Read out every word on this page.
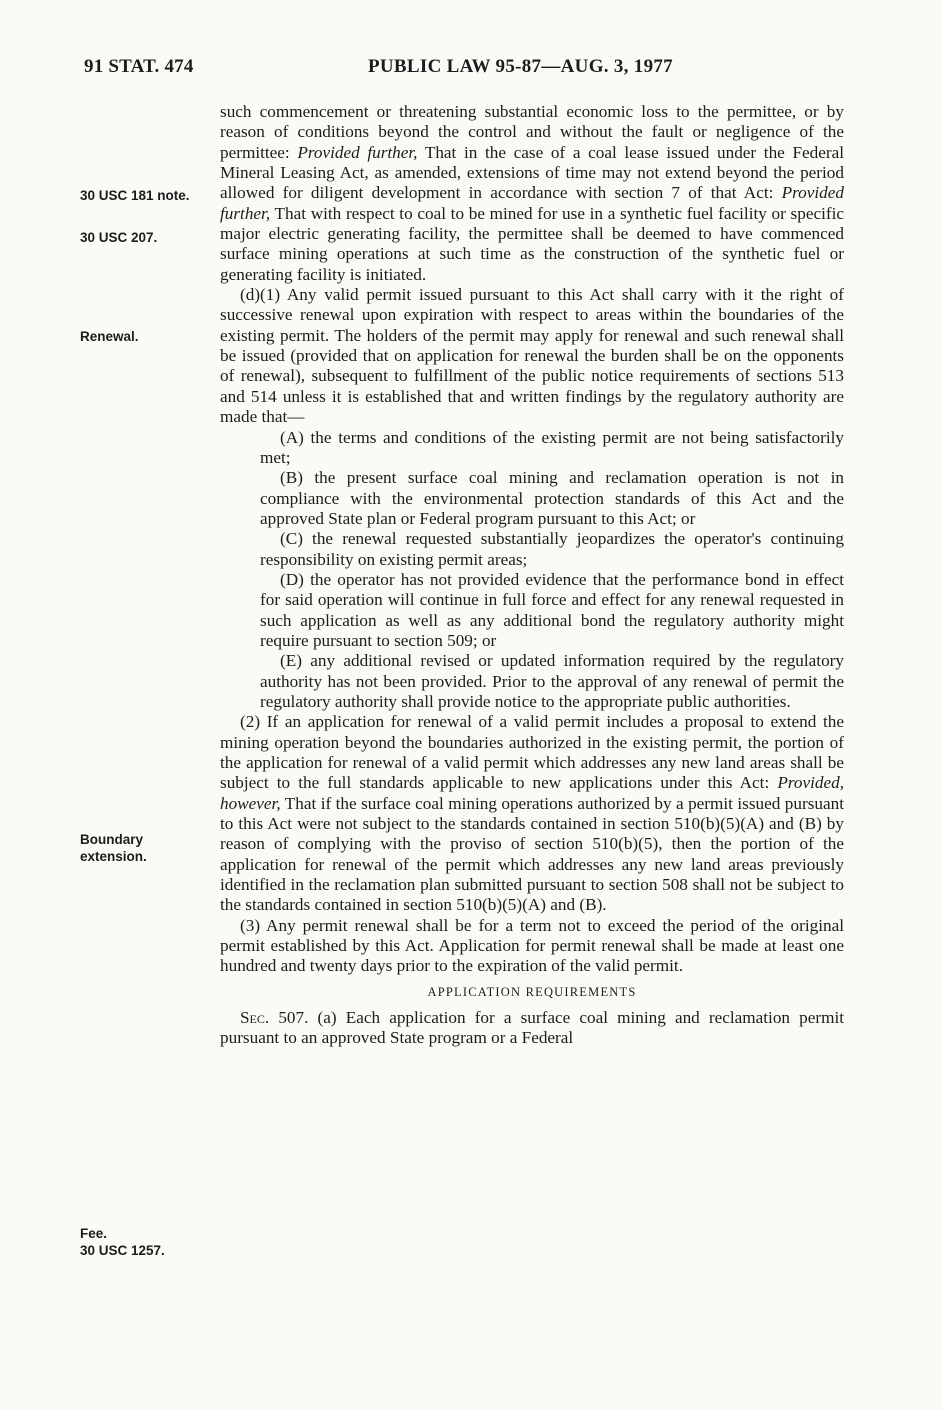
91 STAT. 474	PUBLIC LAW 95-87—AUG. 3, 1977
30 USC 181 note.
30 USC 207.
Renewal.
Boundary
extension.
Fee.
30 USC 1257.

such commencement or threatening substantial economic loss to the permittee, or by reason of conditions beyond the control and without the fault or negligence of the permittee: Provided further, That in the case of a coal lease issued under the Federal Mineral Leasing Act, as amended, extensions of time may not extend beyond the period allowed for diligent development in accordance with section 7 of that Act: Provided further, That with respect to coal to be mined for use in a synthetic fuel facility or specific major electric generating facility, the permittee shall be deemed to have commenced surface mining operations at such time as the construction of the synthetic fuel or generating facility is initiated.

(d)(1) Any valid permit issued pursuant to this Act shall carry with it the right of successive renewal upon expiration with respect to areas within the boundaries of the existing permit. The holders of the permit may apply for renewal and such renewal shall be issued (provided that on application for renewal the burden shall be on the opponents of renewal), subsequent to fulfillment of the public notice requirements of sections 513 and 514 unless it is established that and written findings by the regulatory authority are made that—

(A) the terms and conditions of the existing permit are not being satisfactorily met;

(B) the present surface coal mining and reclamation operation is not in compliance with the environmental protection standards of this Act and the approved State plan or Federal program pursuant to this Act; or

(C) the renewal requested substantially jeopardizes the operator's continuing responsibility on existing permit areas;

(D) the operator has not provided evidence that the performance bond in effect for said operation will continue in full force and effect for any renewal requested in such application as well as any additional bond the regulatory authority might require pursuant to section 509; or

(E) any additional revised or updated information required by the regulatory authority has not been provided. Prior to the approval of any renewal of permit the regulatory authority shall provide notice to the appropriate public authorities.

(2) If an application for renewal of a valid permit includes a proposal to extend the mining operation beyond the boundaries authorized in the existing permit, the portion of the application for renewal of a valid permit which addresses any new land areas shall be subject to the full standards applicable to new applications under this Act: Provided, however, That if the surface coal mining operations authorized by a permit issued pursuant to this Act were not subject to the standards contained in section 510(b)(5)(A) and (B) by reason of complying with the proviso of section 510(b)(5), then the portion of the application for renewal of the permit which addresses any new land areas previously identified in the reclamation plan submitted pursuant to section 508 shall not be subject to the standards contained in section 510(b)(5)(A) and (B).

(3) Any permit renewal shall be for a term not to exceed the period of the original permit established by this Act. Application for permit renewal shall be made at least one hundred and twenty days prior to the expiration of the valid permit.

APPLICATION REQUIREMENTS

Sec. 507. (a) Each application for a surface coal mining and reclamation permit pursuant to an approved State program or a Federal
